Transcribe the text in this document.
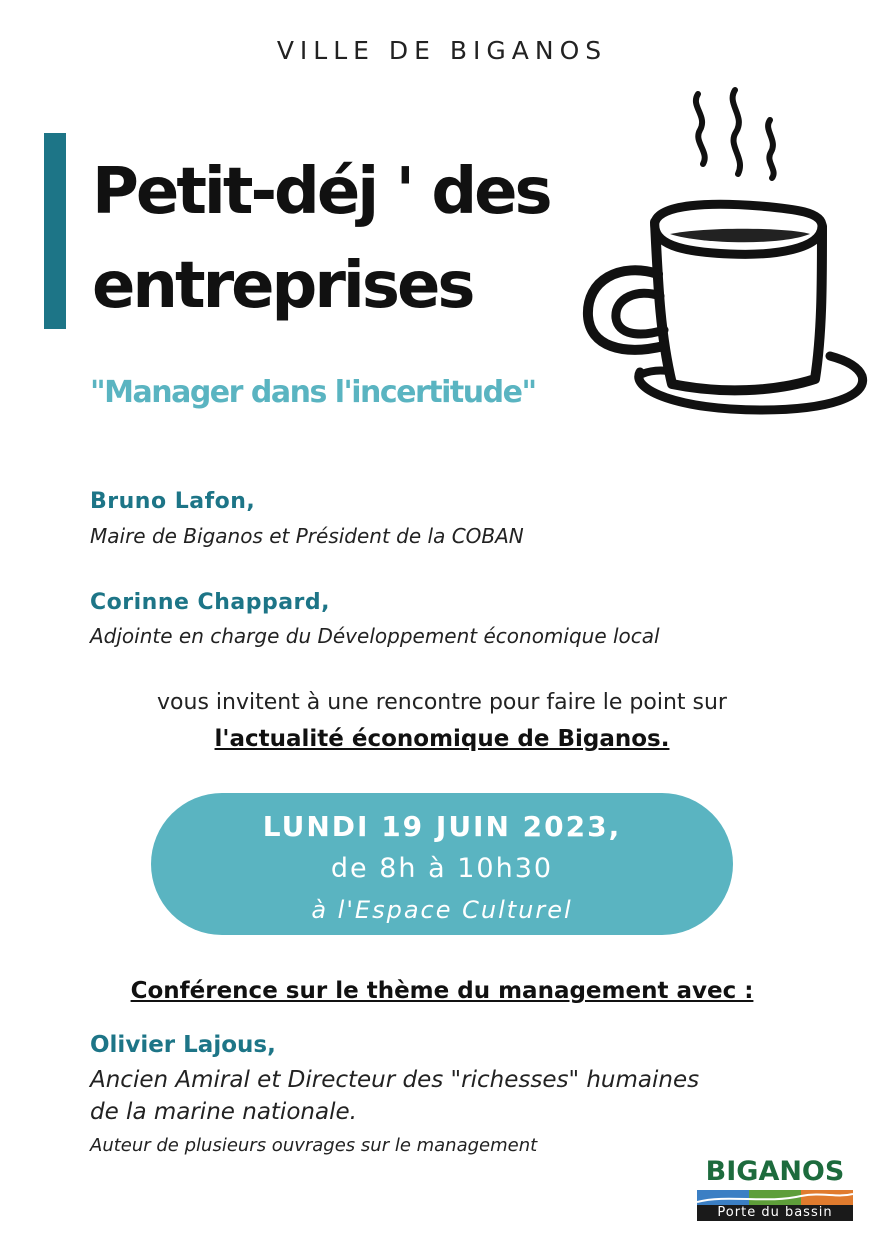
VILLE DE BIGANOS
Petit-déj ' des
entreprises
"Manager dans l'incertitude"
Bruno Lafon,
Maire de Biganos et Président de la COBAN
Corinne Chappard,
Adjointe en charge du Développement économique local
vous invitent à une rencontre pour faire le point sur
l'actualité économique de Biganos.
LUNDI 19 JUIN 2023,
de 8h à 10h30
à l'Espace Culturel
Conférence sur le thème du management avec :
Olivier Lajous,
Ancien Amiral et Directeur des "richesses" humaines
de la marine nationale.
Auteur de plusieurs ouvrages sur le management
BIGANOS
Porte du bassin
